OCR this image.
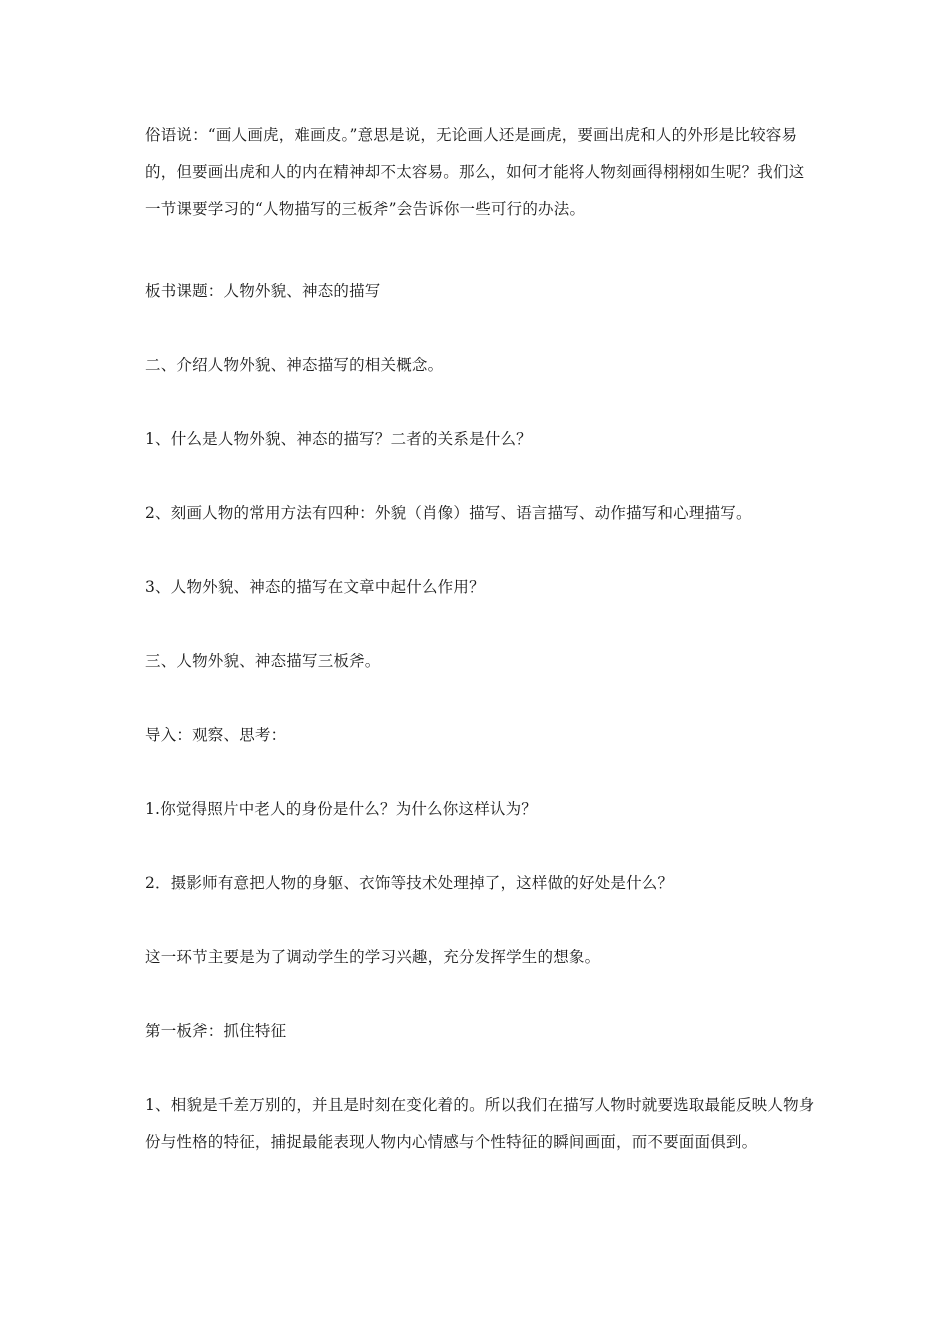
俗语说：“画人画虎，难画皮。”意思是说，无论画人还是画虎，要画出虎和人的外形是比较容易的，但要画出虎和人的内在精神却不太容易。那么，如何才能将人物刻画得栩栩如生呢？我们这一节课要学习的“人物描写的三板斧”会告诉你一些可行的办法。

板书课题：人物外貌、神态的描写

二、介绍人物外貌、神态描写的相关概念。

1、什么是人物外貌、神态的描写？二者的关系是什么？

2、刻画人物的常用方法有四种：外貌（肖像）描写、语言描写、动作描写和心理描写。

3、人物外貌、神态的描写在文章中起什么作用？

三、人物外貌、神态描写三板斧。

导入：观察、思考：

1.你觉得照片中老人的身份是什么？为什么你这样认为？

2．摄影师有意把人物的身躯、衣饰等技术处理掉了，这样做的好处是什么？

这一环节主要是为了调动学生的学习兴趣，充分发挥学生的想象。

第一板斧：抓住特征

1、相貌是千差万别的，并且是时刻在变化着的。所以我们在描写人物时就要选取最能反映人物身份与性格的特征，捕捉最能表现人物内心情感与个性特征的瞬间画面，而不要面面俱到。
